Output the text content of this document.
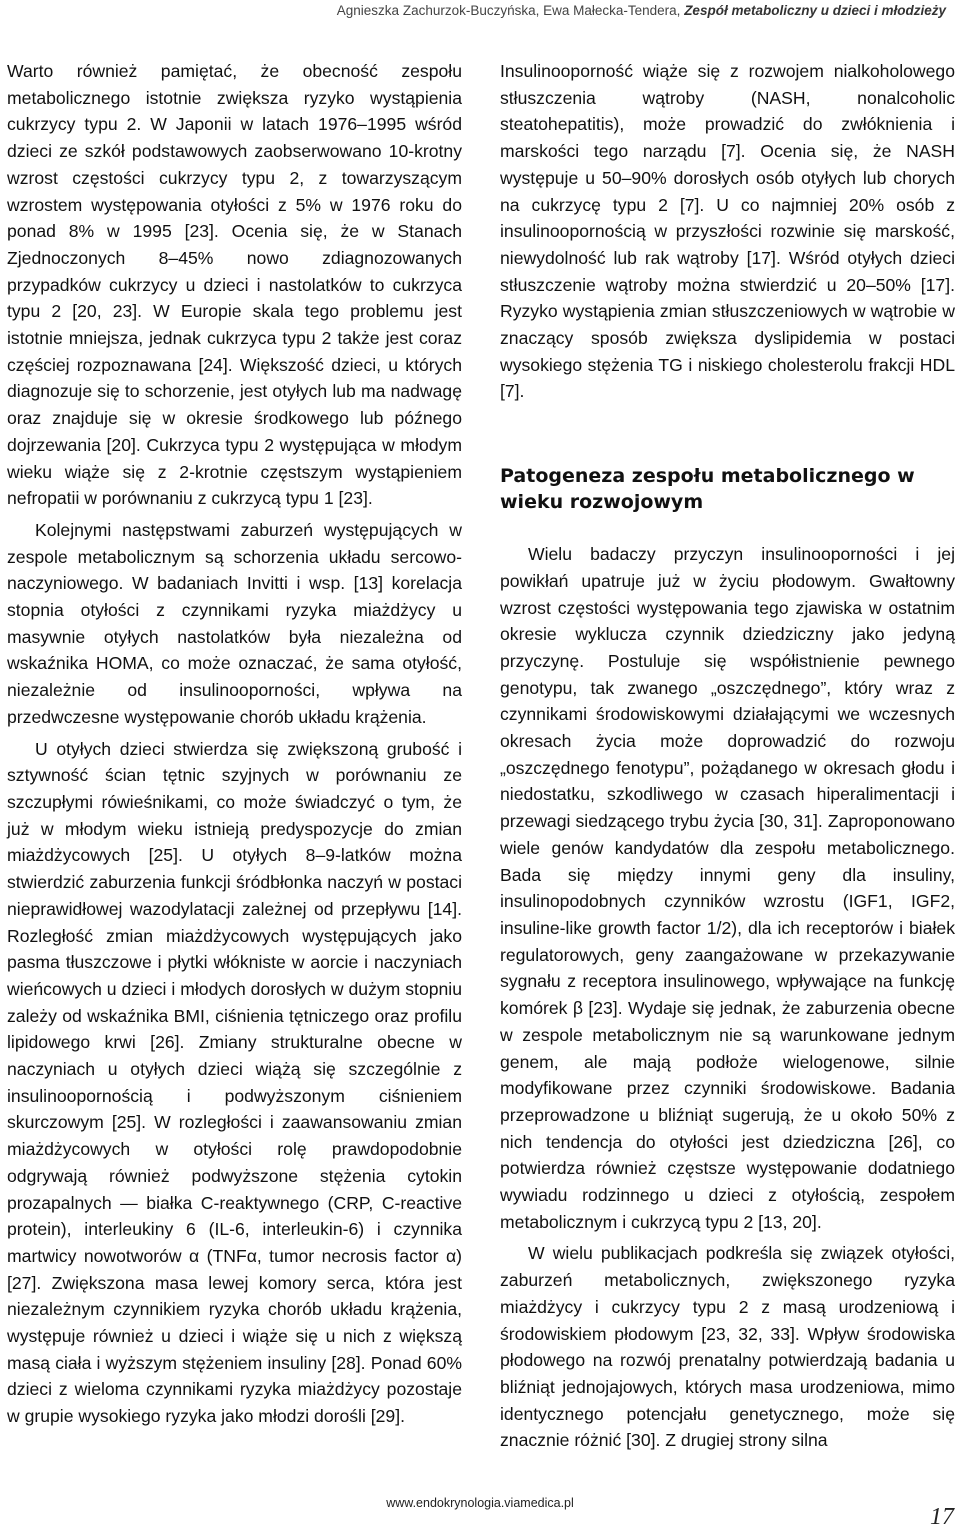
Agnieszka Zachurzok-Buczyńska, Ewa Małecka-Tendera, Zespół metaboliczny u dzieci i młodzieży

Warto również pamiętać, że obecność zespołu metabolicznego istotnie zwiększa ryzyko wystąpienia cukrzycy typu 2. W Japonii w latach 1976–1995 wśród dzieci ze szkół podstawowych zaobserwowano 10-krotny wzrost częstości cukrzycy typu 2, z towarzyszącym wzrostem występowania otyłości z 5% w 1976 roku do ponad 8% w 1995 [23]. Ocenia się, że w Stanach Zjednoczonych 8–45% nowo zdiagnozowanych przypadków cukrzycy u dzieci i nastolatków to cukrzyca typu 2 [20, 23]. W Europie skala tego problemu jest istotnie mniejsza, jednak cukrzyca typu 2 także jest coraz częściej rozpoznawana [24]. Większość dzieci, u których diagnozuje się to schorzenie, jest otyłych lub ma nadwagę oraz znajduje się w okresie środkowego lub późnego dojrzewania [20]. Cukrzyca typu 2 występująca w młodym wieku wiąże się z 2-krotnie częstszym wystąpieniem nefropatii w porównaniu z cukrzycą typu 1 [23].

Kolejnymi następstwami zaburzeń występujących w zespole metabolicznym są schorzenia układu sercowo-naczyniowego. W badaniach Invitti i wsp. [13] korelacja stopnia otyłości z czynnikami ryzyka miażdżycy u masywnie otyłych nastolatków była niezależna od wskaźnika HOMA, co może oznaczać, że sama otyłość, niezależnie od insulinooporności, wpływa na przedwczesne występowanie chorób układu krążenia.

U otyłych dzieci stwierdza się zwiększoną grubość i sztywność ścian tętnic szyjnych w porównaniu ze szczupłymi rówieśnikami, co może świadczyć o tym, że już w młodym wieku istnieją predyspozycje do zmian miażdżycowych [25]. U otyłych 8–9-latków można stwierdzić zaburzenia funkcji śródbłonka naczyń w postaci nieprawidłowej wazodylatacji zależnej od przepływu [14]. Rozległość zmian miażdżycowych występujących jako pasma tłuszczowe i płytki włókniste w aorcie i naczyniach wieńcowych u dzieci i młodych dorosłych w dużym stopniu zależy od wskaźnika BMI, ciśnienia tętniczego oraz profilu lipidowego krwi [26]. Zmiany strukturalne obecne w naczyniach u otyłych dzieci wiążą się szczególnie z insulinoopornością i podwyższonym ciśnieniem skurczowym [25]. W rozległości i zaawansowaniu zmian miażdżycowych w otyłości rolę prawdopodobnie odgrywają również podwyższone stężenia cytokin prozapalnych — białka C-reaktywnego (CRP, C-reactive protein), interleukiny 6 (IL-6, interleukin-6) i czynnika martwicy nowotworów α (TNFα, tumor necrosis factor α) [27]. Zwiększona masa lewej komory serca, która jest niezależnym czynnikiem ryzyka chorób układu krążenia, występuje również u dzieci i wiąże się u nich z większą masą ciała i wyższym stężeniem insuliny [28]. Ponad 60% dzieci z wieloma czynnikami ryzyka miażdżycy pozostaje w grupie wysokiego ryzyka jako młodzi dorośli [29].

Insulinooporność wiąże się z rozwojem nialkoholowego stłuszczenia wątroby (NASH, nonalcoholic steatohepatitis), może prowadzić do zwłóknienia i marskości tego narządu [7]. Ocenia się, że NASH występuje u 50–90% dorosłych osób otyłych lub chorych na cukrzycę typu 2 [7]. U co najmniej 20% osób z insulinoopornością w przyszłości rozwinie się marskość, niewydolność lub rak wątroby [17]. Wśród otyłych dzieci stłuszczenie wątroby można stwierdzić u 20–50% [17]. Ryzyko wystąpienia zmian stłuszczeniowych w wątrobie w znaczący sposób zwiększa dyslipidemia w postaci wysokiego stężenia TG i niskiego cholesterolu frakcji HDL [7].

Patogeneza zespołu metabolicznego w wieku rozwojowym

Wielu badaczy przyczyn insulinooporności i jej powikłań upatruje już w życiu płodowym. Gwałtowny wzrost częstości występowania tego zjawiska w ostatnim okresie wyklucza czynnik dziedziczny jako jedyną przyczynę. Postuluje się współistnienie pewnego genotypu, tak zwanego „oszczędnego”, który wraz z czynnikami środowiskowymi działającymi we wczesnych okresach życia może doprowadzić do rozwoju „oszczędnego fenotypu”, pożądanego w okresach głodu i niedostatku, szkodliwego w czasach hiperalimentacji i przewagi siedzącego trybu życia [30, 31]. Zaproponowano wiele genów kandydatów dla zespołu metabolicznego. Bada się między innymi geny dla insuliny, insulinopodobnych czynników wzrostu (IGF1, IGF2, insuline-like growth factor 1/2), dla ich receptorów i białek regulatorowych, geny zaangażowane w przekazywanie sygnału z receptora insulinowego, wpływające na funkcję komórek β [23]. Wydaje się jednak, że zaburzenia obecne w zespole metabolicznym nie są warunkowane jednym genem, ale mają podłoże wielogenowe, silnie modyfikowane przez czynniki środowiskowe. Badania przeprowadzone u bliźniąt sugerują, że u około 50% z nich tendencja do otyłości jest dziedziczna [26], co potwierdza również częstsze występowanie dodatniego wywiadu rodzinnego u dzieci z otyłością, zespołem metabolicznym i cukrzycą typu 2 [13, 20].

W wielu publikacjach podkreśla się związek otyłości, zaburzeń metabolicznych, zwiększonego ryzyka miażdżycy i cukrzycy typu 2 z masą urodzeniową i środowiskiem płodowym [23, 32, 33]. Wpływ środowiska płodowego na rozwój prenatalny potwierdzają badania u bliźniąt jednojajowych, których masa urodzeniowa, mimo identycznego potencjału genetycznego, może się znacznie różnić [30]. Z drugiej strony silna

www.endokrynologia.viamedica.pl
17
